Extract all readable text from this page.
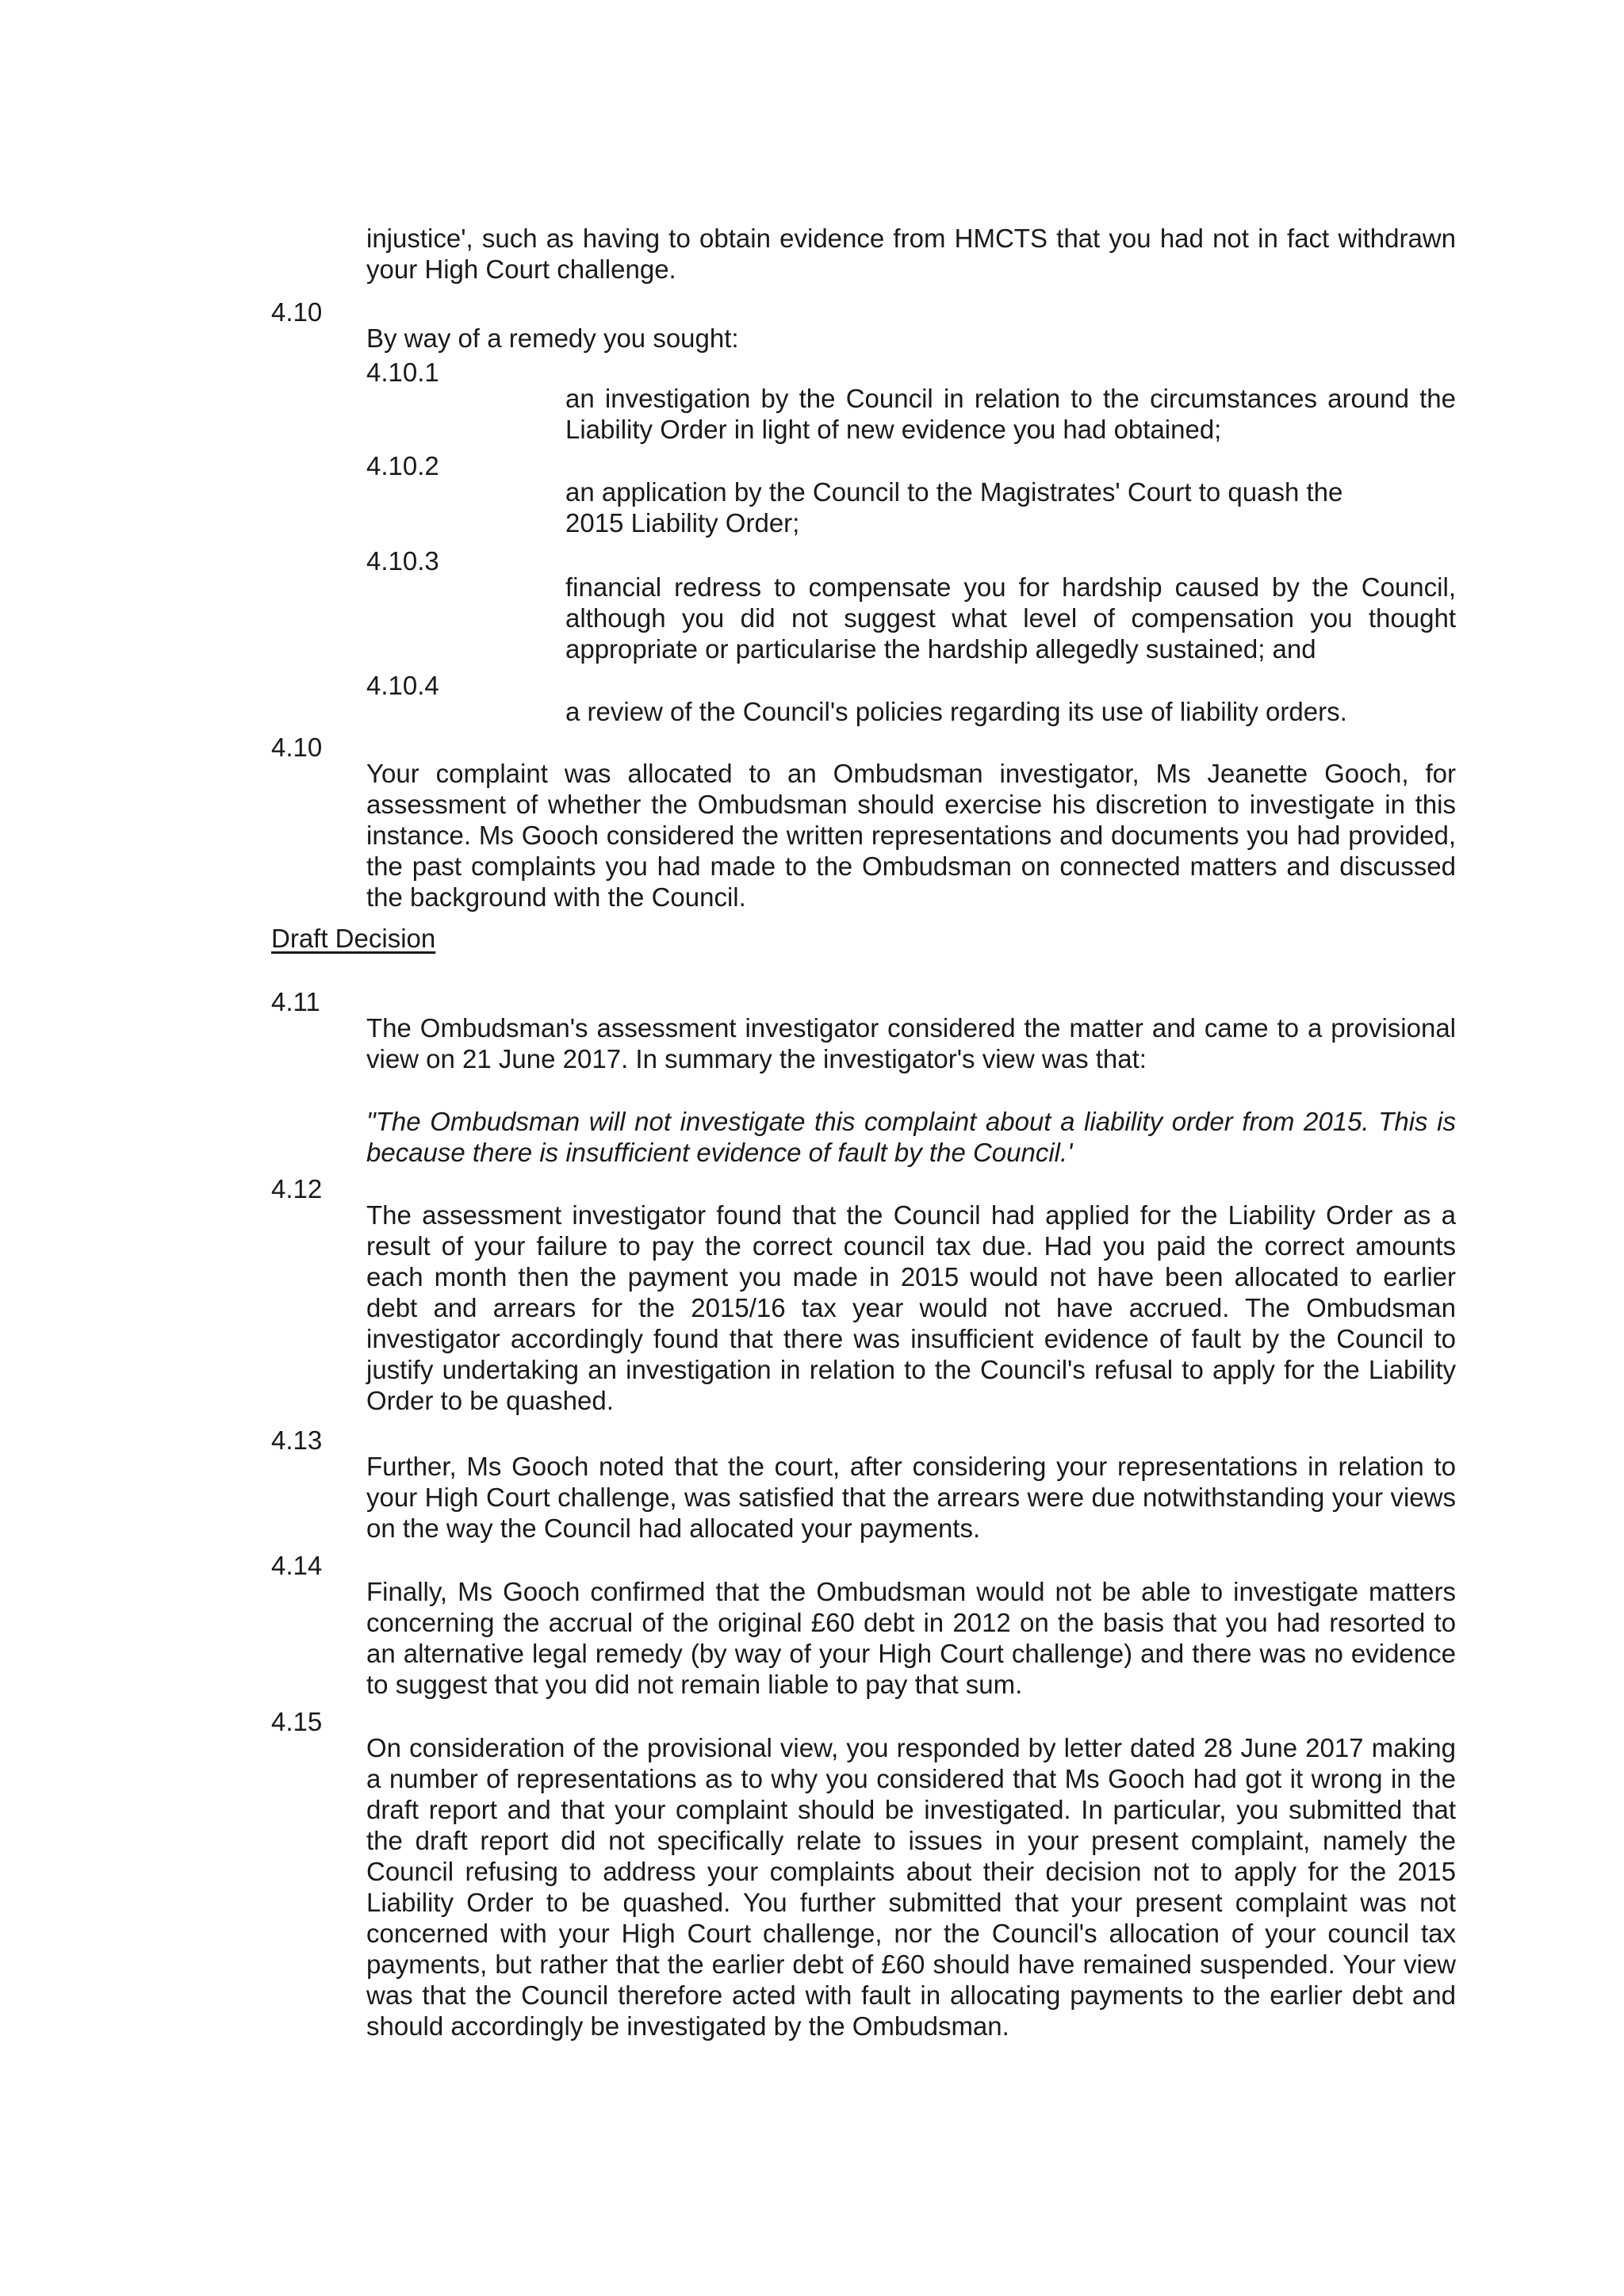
injustice', such as having to obtain evidence from HMCTS that you had not in fact withdrawn your High Court challenge.

4.10

By way of a remedy you sought:

4.10.1

an investigation by the Council in relation to the circumstances around the Liability Order in light of new evidence you had obtained;

4.10.2

an application by the Council to the Magistrates' Court to quash the 2015 Liability Order;

4.10.3

financial redress to compensate you for hardship caused by the Council, although you did not suggest what level of compensation you thought appropriate or particularise the hardship allegedly sustained; and

4.10.4

a review of the Council's policies regarding its use of liability orders.

4.10

Your complaint was allocated to an Ombudsman investigator, Ms Jeanette Gooch, for assessment of whether the Ombudsman should exercise his discretion to investigate in this instance. Ms Gooch considered the written representations and documents you had provided, the past complaints you had made to the Ombudsman on connected matters and discussed the background with the Council.

Draft Decision
4.11

The Ombudsman's assessment investigator considered the matter and came to a provisional view on 21 June 2017. In summary the investigator's view was that:

"The Ombudsman will not investigate this complaint about a liability order from 2015. This is because there is insufficient evidence of fault by the Council.'

4.12

The assessment investigator found that the Council had applied for the Liability Order as a result of your failure to pay the correct council tax due. Had you paid the correct amounts each month then the payment you made in 2015 would not have been allocated to earlier debt and arrears for the 2015/16 tax year would not have accrued. The Ombudsman investigator accordingly found that there was insufficient evidence of fault by the Council to justify undertaking an investigation in relation to the Council's refusal to apply for the Liability Order to be quashed.

4.13

Further, Ms Gooch noted that the court, after considering your representations in relation to your High Court challenge, was satisfied that the arrears were due notwithstanding your views on the way the Council had allocated your payments.

4.14

Finally, Ms Gooch confirmed that the Ombudsman would not be able to investigate matters concerning the accrual of the original £60 debt in 2012 on the basis that you had resorted to an alternative legal remedy (by way of your High Court challenge) and there was no evidence to suggest that you did not remain liable to pay that sum.

4.15

On consideration of the provisional view, you responded by letter dated 28 June 2017 making a number of representations as to why you considered that Ms Gooch had got it wrong in the draft report and that your complaint should be investigated. In particular, you submitted that the draft report did not specifically relate to issues in your present complaint, namely the Council refusing to address your complaints about their decision not to apply for the 2015 Liability Order to be quashed. You further submitted that your present complaint was not concerned with your High Court challenge, nor the Council's allocation of your council tax payments, but rather that the earlier debt of £60 should have remained suspended. Your view was that the Council therefore acted with fault in allocating payments to the earlier debt and should accordingly be investigated by the Ombudsman.
